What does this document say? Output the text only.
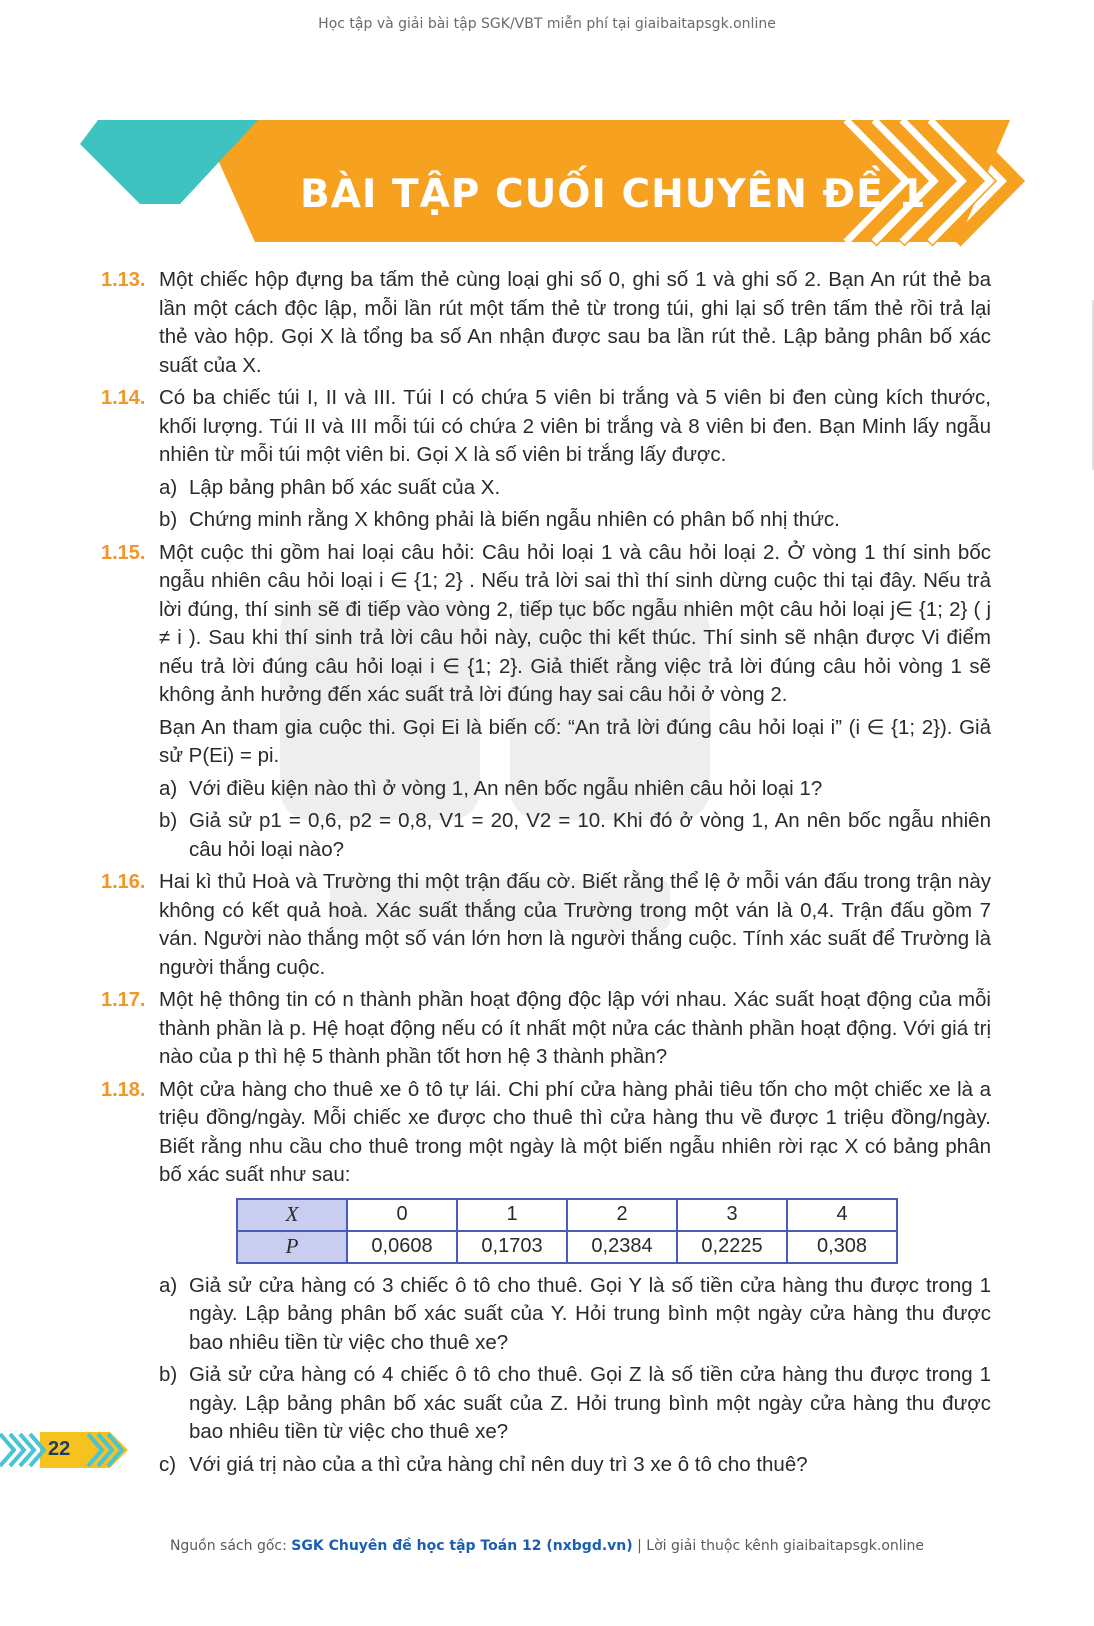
Học tập và giải bài tập SGK/VBT miễn phí tại giaibaitapsgk.online
BÀI TẬP CUỐI CHUYÊN ĐỀ 1
1.13. Một chiếc hộp đựng ba tấm thẻ cùng loại ghi số 0, ghi số 1 và ghi số 2. Bạn An rút thẻ ba lần một cách độc lập, mỗi lần rút một tấm thẻ từ trong túi, ghi lại số trên tấm thẻ rồi trả lại thẻ vào hộp. Gọi X là tổng ba số An nhận được sau ba lần rút thẻ. Lập bảng phân bố xác suất của X.

1.14. Có ba chiếc túi I, II và III. Túi I có chứa 5 viên bi trắng và 5 viên bi đen cùng kích thước, khối lượng. Túi II và III mỗi túi có chứa 2 viên bi trắng và 8 viên bi đen. Bạn Minh lấy ngẫu nhiên từ mỗi túi một viên bi. Gọi X là số viên bi trắng lấy được.

a) Lập bảng phân bố xác suất của X.
b) Chứng minh rằng X không phải là biến ngẫu nhiên có phân bố nhị thức.
1.15. Một cuộc thi gồm hai loại câu hỏi: Câu hỏi loại 1 và câu hỏi loại 2. Ở vòng 1 thí sinh bốc ngẫu nhiên câu hỏi loại i ∈ {1; 2} . Nếu trả lời sai thì thí sinh dừng cuộc thi tại đây. Nếu trả lời đúng, thí sinh sẽ đi tiếp vào vòng 2, tiếp tục bốc ngẫu nhiên một câu hỏi loại j∈ {1; 2} ( j ≠ i ). Sau khi thí sinh trả lời câu hỏi này, cuộc thi kết thúc. Thí sinh sẽ nhận được Vi điểm nếu trả lời đúng câu hỏi loại i ∈ {1; 2}. Giả thiết rằng việc trả lời đúng câu hỏi vòng 1 sẽ không ảnh hưởng đến xác suất trả lời đúng hay sai câu hỏi ở vòng 2.

Bạn An tham gia cuộc thi. Gọi Ei là biến cố: “An trả lời đúng câu hỏi loại i” (i ∈ {1; 2}). Giả sử P(Ei) = pi.

a) Với điều kiện nào thì ở vòng 1, An nên bốc ngẫu nhiên câu hỏi loại 1?
b) Giả sử p1 = 0,6, p2 = 0,8, V1 = 20, V2 = 10. Khi đó ở vòng 1, An nên bốc ngẫu nhiên câu hỏi loại nào?
1.16. Hai kì thủ Hoà và Trường thi một trận đấu cờ. Biết rằng thể lệ ở mỗi ván đấu trong trận này không có kết quả hoà. Xác suất thắng của Trường trong một ván là 0,4. Trận đấu gồm 7 ván. Người nào thắng một số ván lớn hơn là người thắng cuộc. Tính xác suất để Trường là người thắng cuộc.

1.17. Một hệ thông tin có n thành phần hoạt động độc lập với nhau. Xác suất hoạt động của mỗi thành phần là p. Hệ hoạt động nếu có ít nhất một nửa các thành phần hoạt động. Với giá trị nào của p thì hệ 5 thành phần tốt hơn hệ 3 thành phần?

1.18. Một cửa hàng cho thuê xe ô tô tự lái. Chi phí cửa hàng phải tiêu tốn cho một chiếc xe là a triệu đồng/ngày. Mỗi chiếc xe được cho thuê thì cửa hàng thu về được 1 triệu đồng/ngày. Biết rằng nhu cầu cho thuê trong một ngày là một biến ngẫu nhiên rời rạc X có bảng phân bố xác suất như sau:

X	0	1	2	3	4
P	0,0608	0,1703	0,2384	0,2225	0,308
a) Giả sử cửa hàng có 3 chiếc ô tô cho thuê. Gọi Y là số tiền cửa hàng thu được trong 1 ngày. Lập bảng phân bố xác suất của Y. Hỏi trung bình một ngày cửa hàng thu được bao nhiêu tiền từ việc cho thuê xe?
b) Giả sử cửa hàng có 4 chiếc ô tô cho thuê. Gọi Z là số tiền cửa hàng thu được trong 1 ngày. Lập bảng phân bố xác suất của Z. Hỏi trung bình một ngày cửa hàng thu được bao nhiêu tiền từ việc cho thuê xe?
c) Với giá trị nào của a thì cửa hàng chỉ nên duy trì 3 xe ô tô cho thuê?
22
Nguồn sách gốc: SGK Chuyên đề học tập Toán 12 (nxbgd.vn) | Lời giải thuộc kênh giaibaitapsgk.online
